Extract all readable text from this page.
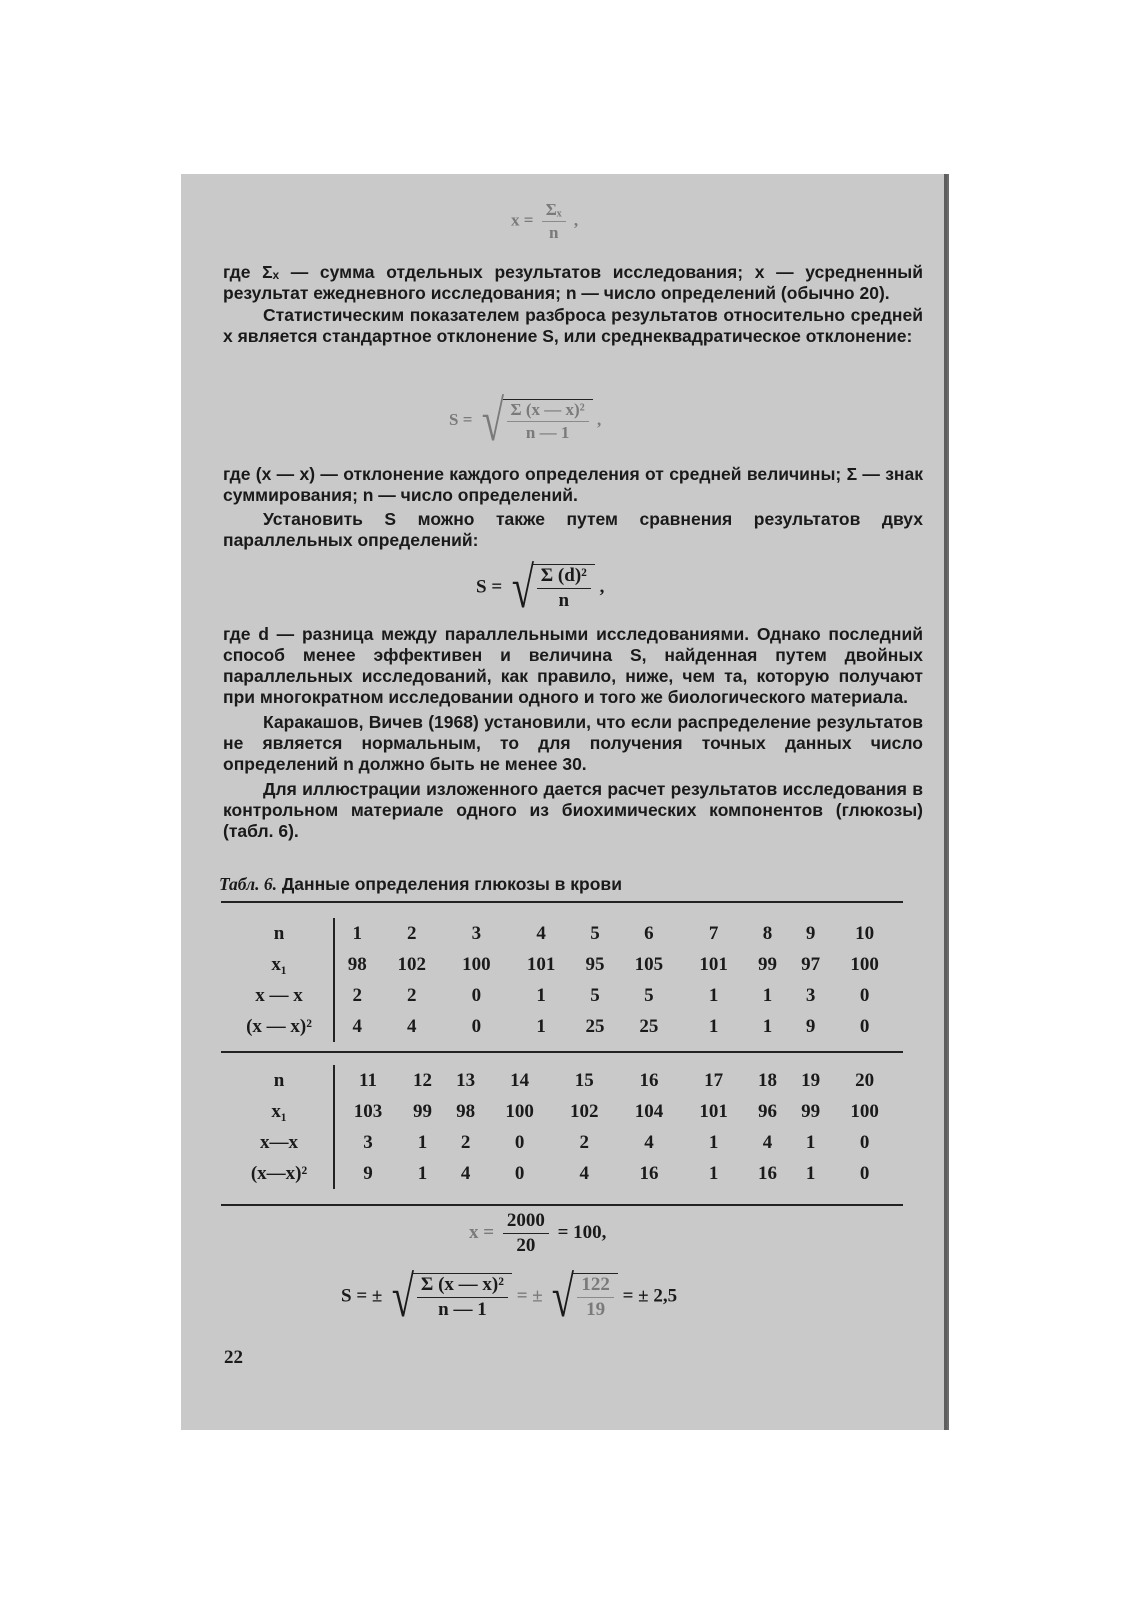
$x = \frac{\text{Σₓ}}{n}$ ,

где Σₓ — сумма отдельных результатов исследования; x — усредненный результат ежедневного исследования; n — число определений (обычно 20).

Статистическим показателем разброса результатов относительно средней x является стандартное отклонение S, или среднеквадратическое отклонение:

S = √ $\frac{\text{Σ (x — x)²}}{n — 1}$ ,

где (x — x) — отклонение каждого определения от средней величины; Σ — знак суммирования; n — число определений.

Установить S можно также путем сравнения результатов двух параллельных определений:

S = √ $\frac{\text{Σ (d)²}}{n}$ ,

где d — разница между параллельными исследованиями. Однако последний способ менее эффективен и величина S, найденная путем двойных параллельных исследований, как правило, ниже, чем та, которую получают при многократном исследовании одного и того же биологического материала.

Каракашов, Вичев (1968) установили, что если распределение результатов не является нормальным, то для получения точных данных число определений n должно быть не менее 30.

Для иллюстрации изложенного дается расчет результатов исследования в контрольном материале одного из биохимических компонентов (глюкозы) (табл. 6).

Табл. 6. Данные определения глюкозы в крови
n	1	2	3	4	5	6	7	8	9	10
x₁	98	102	100	101	95	105	101	99	97	100
x — x	2	2	0	1	5	5	1	1	3	0
(x — x)²	4	4	0	1	25	25	1	1	9	0
n	11	12	13	14	15	16	17	18	19	20
x₁	103	99	98	100	102	104	101	96	99	100
x—x	3	1	2	0	2	4	1	4	1	0
(x—x)²	9	1	4	0	4	16	1	16	1	0
$x = \frac{2000}{20} = 100$,
S = ± √ $\frac{\text{Σ (x — x)²}}{n — 1}$ = ± √ $\frac{122}{19}$ = ± 2,5
22
